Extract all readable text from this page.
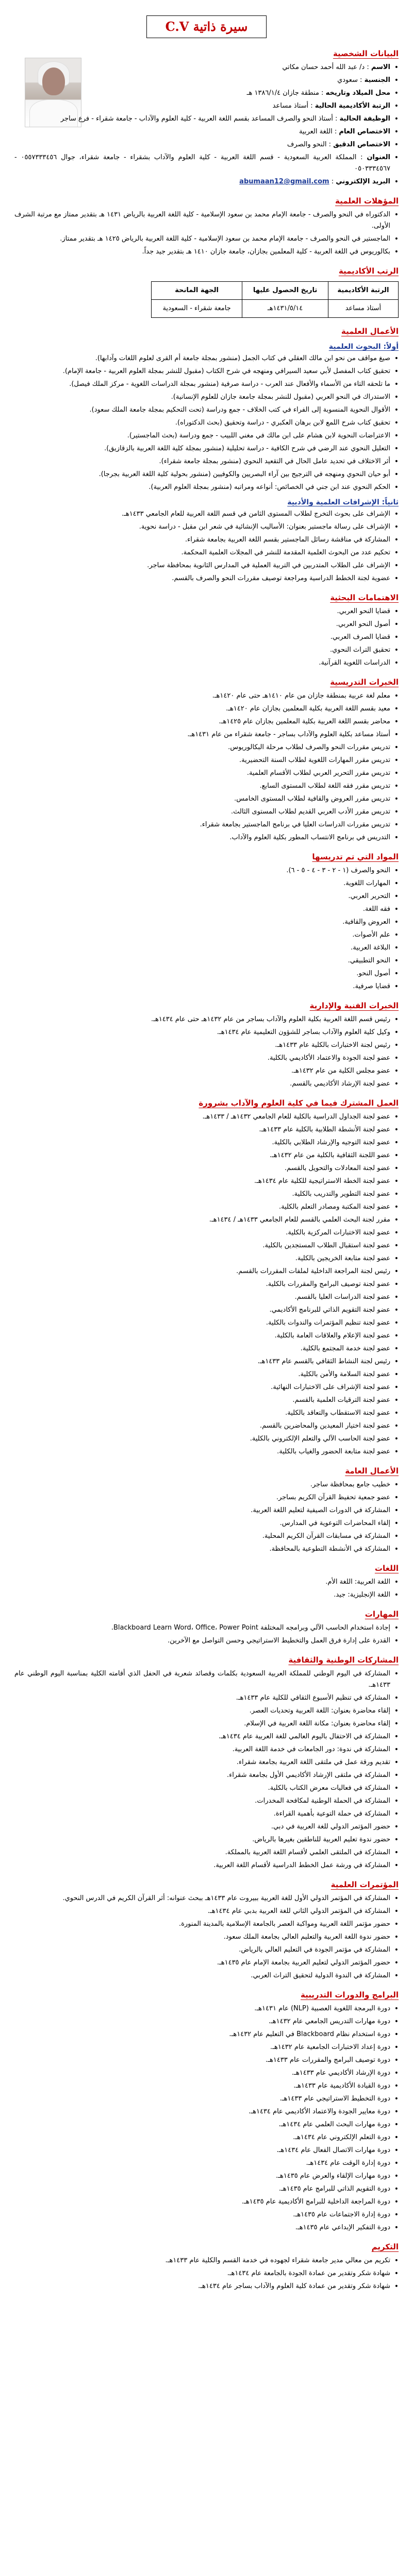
سيرة ذاتية C.V
البيانات الشخصية
• الاسم : د/ عبد الله أحمد حسان مكاتي
• الجنسية : سعودي
• محل الميلاد وتاريخه : منطقة جازان ١٣٨٦/١/٤ هـ
• الرتبة الأكاديمية الحالية : أستاذ مساعد
• الوظيفة الحالية : أستاذ النحو والصرف المساعد بقسم اللغة العربية - كلية العلوم والآداب - جامعة شقراء - فرع ساجر
• الاختصاص العام : اللغة العربية
• الاختصاص الدقيق : النحو والصرف
• العنوان : المملكة العربية السعودية - قسم اللغة العربية - كلية العلوم والآداب بشقراء - جامعة شقراء، جوال ٠٥٥٧٣٣٣٤٥٦ - ٠٥٠٣٣٣٤٥٦٧
• البريد الإلكتروني : abumaan12@gmail.com
المؤهلات العلمية
• الدكتوراه في النحو والصرف - جامعة الإمام محمد بن سعود الإسلامية - كلية اللغة العربية بالرياض ١٤٣١ هـ بتقدير ممتاز مع مرتبة الشرف الأولى.
• الماجستير في النحو والصرف - جامعة الإمام محمد بن سعود الإسلامية - كلية اللغة العربية بالرياض ١٤٢٥ هـ بتقدير ممتاز.
• بكالوريوس في اللغة العربية - كلية المعلمين بجازان، جامعة جازان ١٤١٠ هـ بتقدير جيد جداً.
الرتب الأكاديمية
الرتبة الأكاديمية	تاريخ الحصول عليها	الجهة المانحة
أستاذ مساعد	١٤٣١/٥/١٤هـ	جامعة شقراء - السعودية
الأعمال العلمية
أولاً: البحوث العلمية
• صيغ مواقف من نحو ابن مالك العقلي في كتاب الجمل (منشور بمجلة جامعة أم القرى لعلوم اللغات وآدابها).
• تحقيق كتاب المفصل لأبي سعيد السيرافي ومنهجه في شرح الكتاب (مقبول للنشر بمجلة العلوم العربية - جامعة الإمام).
• ما تلحقه التاء من الأسماء والأفعال عند العرب - دراسة صرفية (منشور بمجلة الدراسات اللغوية - مركز الملك فيصل).
• الاستدراك في النحو العربي (مقبول للنشر بمجلة جامعة جازان للعلوم الإنسانية).
• الأقوال النحوية المنسوبة إلى الفراء في كتب الخلاف - جمع ودراسة (تحت التحكيم بمجلة جامعة الملك سعود).
• تحقيق كتاب شرح اللمع لابن برهان العكبري - دراسة وتحقيق (بحث الدكتوراه).
• الاعتراضات النحوية لابن هشام على ابن مالك في مغني اللبيب - جمع ودراسة (بحث الماجستير).
• التعليل النحوي عند الرضي في شرح الكافية - دراسة تحليلية (منشور بمجلة كلية اللغة العربية بالزقازيق).
• أثر الاختلاف في تحديد عامل الحال في التقعيد النحوي (منشور بمجلة جامعة شقراء).
• أبو حيان النحوي ومنهجه في الترجيح بين آراء البصريين والكوفيين (منشور بحولية كلية اللغة العربية بجرجا).
• الحكم النحوي عند ابن جني في الخصائص: أنواعه ومراتبه (منشور بمجلة العلوم العربية).
ثانياً: الإشرافات العلمية والأدبية
• الإشراف على بحوث التخرج لطلاب المستوى الثامن في قسم اللغة العربية للعام الجامعي ١٤٣٣هـ.
• الإشراف على رسالة ماجستير بعنوان: الأساليب الإنشائية في شعر ابن مقبل - دراسة نحوية.
• المشاركة في مناقشة رسائل الماجستير بقسم اللغة العربية بجامعة شقراء.
• تحكيم عدد من البحوث العلمية المقدمة للنشر في المجلات العلمية المحكمة.
• الإشراف على الطلاب المتدربين في التربية العملية في المدارس الثانوية بمحافظة ساجر.
• عضوية لجنة الخطط الدراسية ومراجعة توصيف مقررات النحو والصرف بالقسم.
الاهتمامات البحثية
• قضايا النحو العربي.
• أصول النحو العربي.
• قضايا الصرف العربي.
• تحقيق التراث النحوي.
• الدراسات اللغوية القرآنية.
الخبرات التدريسية
• معلم لغة عربية بمنطقة جازان من عام ١٤١٠هـ حتى عام ١٤٢٠هـ.
• معيد بقسم اللغة العربية بكلية المعلمين بجازان عام ١٤٢٠هـ.
• محاضر بقسم اللغة العربية بكلية المعلمين بجازان عام ١٤٢٥هـ.
• أستاذ مساعد بكلية العلوم والآداب بساجر - جامعة شقراء من عام ١٤٣١هـ.
• تدريس مقررات النحو والصرف لطلاب مرحلة البكالوريوس.
• تدريس مقرر المهارات اللغوية لطلاب السنة التحضيرية.
• تدريس مقرر التحرير العربي لطلاب الأقسام العلمية.
• تدريس مقرر فقه اللغة لطلاب المستوى السابع.
• تدريس مقرر العروض والقافية لطلاب المستوى الخامس.
• تدريس مقرر الأدب العربي القديم لطلاب المستوى الثالث.
• تدريس مقررات الدراسات العليا في برنامج الماجستير بجامعة شقراء.
• التدريس في برنامج الانتساب المطور بكلية العلوم والآداب.
المواد التي تم تدريسها
• النحو والصرف (١ - ٢ - ٣ - ٤ - ٥ - ٦).
• المهارات اللغوية.
• التحرير العربي.
• فقه اللغة.
• العروض والقافية.
• علم الأصوات.
• البلاغة العربية.
• النحو التطبيقي.
• أصول النحو.
• قضايا صرفية.
الخبرات الفنية والإدارية
• رئيس قسم اللغة العربية بكلية العلوم والآداب بساجر من عام ١٤٣٢هـ حتى عام ١٤٣٤هـ.
• وكيل كلية العلوم والآداب بساجر للشؤون التعليمية عام ١٤٣٤هـ.
• رئيس لجنة الاختبارات بالكلية عام ١٤٣٣هـ.
• عضو لجنة الجودة والاعتماد الأكاديمي بالكلية.
• عضو مجلس الكلية من عام ١٤٣٢هـ.
• عضو لجنة الإرشاد الأكاديمي بالقسم.
العمل المشترك فيما في كلية العلوم والآداب بشرورة
• عضو لجنة الجداول الدراسية بالكلية للعام الجامعي ١٤٣٢هـ / ١٤٣٣هـ.
• عضو لجنة الأنشطة الطلابية بالكلية عام ١٤٣٣هـ.
• عضو لجنة التوجيه والإرشاد الطلابي بالكلية.
• عضو اللجنة الثقافية بالكلية من عام ١٤٣٢هـ.
• عضو لجنة المعادلات والتحويل بالقسم.
• عضو لجنة الخطة الاستراتيجية للكلية عام ١٤٣٤هـ.
• عضو لجنة التطوير والتدريب بالكلية.
• عضو لجنة المكتبة ومصادر التعلم بالكلية.
• مقرر لجنة البحث العلمي بالقسم للعام الجامعي ١٤٣٣هـ / ١٤٣٤هـ.
• عضو لجنة الاختبارات المركزية بالكلية.
• عضو لجنة استقبال الطلاب المستجدين بالكلية.
• عضو لجنة متابعة الخريجين بالكلية.
• رئيس لجنة المراجعة الداخلية لملفات المقررات بالقسم.
• عضو لجنة توصيف البرامج والمقررات بالكلية.
• عضو لجنة الدراسات العليا بالقسم.
• عضو لجنة التقويم الذاتي للبرنامج الأكاديمي.
• عضو لجنة تنظيم المؤتمرات والندوات بالكلية.
• عضو لجنة الإعلام والعلاقات العامة بالكلية.
• عضو لجنة خدمة المجتمع بالكلية.
• رئيس لجنة النشاط الثقافي بالقسم عام ١٤٣٣هـ.
• عضو لجنة السلامة والأمن بالكلية.
• عضو لجنة الإشراف على الاختبارات النهائية.
• عضو لجنة الترقيات العلمية بالقسم.
• عضو لجنة الاستقطاب والتعاقد بالكلية.
• عضو لجنة اختيار المعيدين والمحاضرين بالقسم.
• عضو لجنة الحاسب الآلي والتعلم الإلكتروني بالكلية.
• عضو لجنة متابعة الحضور والغياب بالكلية.
الأعمال العامة
• خطيب جامع بمحافظة ساجر.
• عضو جمعية تحفيظ القرآن الكريم بساجر.
• المشاركة في الدورات الصيفية لتعليم اللغة العربية.
• إلقاء المحاضرات التوعوية في المدارس.
• المشاركة في مسابقات القرآن الكريم المحلية.
• المشاركة في الأنشطة التطوعية بالمحافظة.
اللغات
• اللغة العربية: اللغة الأم.
• اللغة الإنجليزية: جيد.
المهارات
• إجادة استخدام الحاسب الآلي وبرامجه المختلفة Blackboard Learn Word، Office، Power Point.
• القدرة على إدارة فرق العمل والتخطيط الاستراتيجي وحسن التواصل مع الآخرين.
المشاركات الوطنية والثقافية
• المشاركة في اليوم الوطني للمملكة العربية السعودية بكلمات وقصائد شعرية في الحفل الذي أقامته الكلية بمناسبة اليوم الوطني عام ١٤٣٣هـ.
• المشاركة في تنظيم الأسبوع الثقافي للكلية عام ١٤٣٣هـ.
• إلقاء محاضرة بعنوان: اللغة العربية وتحديات العصر.
• إلقاء محاضرة بعنوان: مكانة اللغة العربية في الإسلام.
• المشاركة في الاحتفال باليوم العالمي للغة العربية عام ١٤٣٤هـ.
• المشاركة في ندوة: دور الجامعات في خدمة اللغة العربية.
• تقديم ورقة عمل في ملتقى اللغة العربية بجامعة شقراء.
• المشاركة في ملتقى الإرشاد الأكاديمي الأول بجامعة شقراء.
• المشاركة في فعاليات معرض الكتاب بالكلية.
• المشاركة في الحملة الوطنية لمكافحة المخدرات.
• المشاركة في حملة التوعية بأهمية القراءة.
• حضور المؤتمر الدولي للغة العربية في دبي.
• حضور ندوة تعليم العربية للناطقين بغيرها بالرياض.
• المشاركة في الملتقى العلمي لأقسام اللغة العربية بالمملكة.
• المشاركة في ورشة عمل الخطط الدراسية لأقسام اللغة العربية.
المؤتمرات العلمية
• المشاركة في المؤتمر الدولي الأول للغة العربية ببيروت عام ١٤٣٣هـ ببحث عنوانه: أثر القرآن الكريم في الدرس النحوي.
• المشاركة في المؤتمر الدولي الثاني للغة العربية بدبي عام ١٤٣٤هـ.
• حضور مؤتمر اللغة العربية ومواكبة العصر بالجامعة الإسلامية بالمدينة المنورة.
• حضور ندوة اللغة العربية والتعليم العالي بجامعة الملك سعود.
• المشاركة في مؤتمر الجودة في التعليم العالي بالرياض.
• حضور المؤتمر الدولي لتعليم العربية بجامعة الإمام عام ١٤٣٥هـ.
• المشاركة في الندوة الدولية لتحقيق التراث العربي.
البرامج والدورات التدريبية
• دورة البرمجة اللغوية العصبية (NLP) عام ١٤٣١هـ.
• دورة مهارات التدريس الجامعي عام ١٤٣٢هـ.
• دورة استخدام نظام Blackboard في التعليم عام ١٤٣٢هـ.
• دورة إعداد الاختبارات الجامعية عام ١٤٣٢هـ.
• دورة توصيف البرامج والمقررات عام ١٤٣٣هـ.
• دورة الإرشاد الأكاديمي عام ١٤٣٣هـ.
• دورة القيادة الأكاديمية عام ١٤٣٣هـ.
• دورة التخطيط الاستراتيجي عام ١٤٣٣هـ.
• دورة معايير الجودة والاعتماد الأكاديمي عام ١٤٣٤هـ.
• دورة مهارات البحث العلمي عام ١٤٣٤هـ.
• دورة التعلم الإلكتروني عام ١٤٣٤هـ.
• دورة مهارات الاتصال الفعال عام ١٤٣٤هـ.
• دورة إدارة الوقت عام ١٤٣٤هـ.
• دورة مهارات الإلقاء والعرض عام ١٤٣٥هـ.
• دورة التقويم الذاتي للبرامج عام ١٤٣٥هـ.
• دورة المراجعة الداخلية للبرامج الأكاديمية عام ١٤٣٥هـ.
• دورة إدارة الاجتماعات عام ١٤٣٥هـ.
• دورة التفكير الإبداعي عام ١٤٣٥هـ.
التكريم
• تكريم من معالي مدير جامعة شقراء لجهوده في خدمة القسم والكلية عام ١٤٣٣هـ.
• شهادة شكر وتقدير من عمادة الجودة بالجامعة عام ١٤٣٤هـ.
• شهادة شكر وتقدير من عمادة كلية العلوم والآداب بساجر عام ١٤٣٤هـ.
